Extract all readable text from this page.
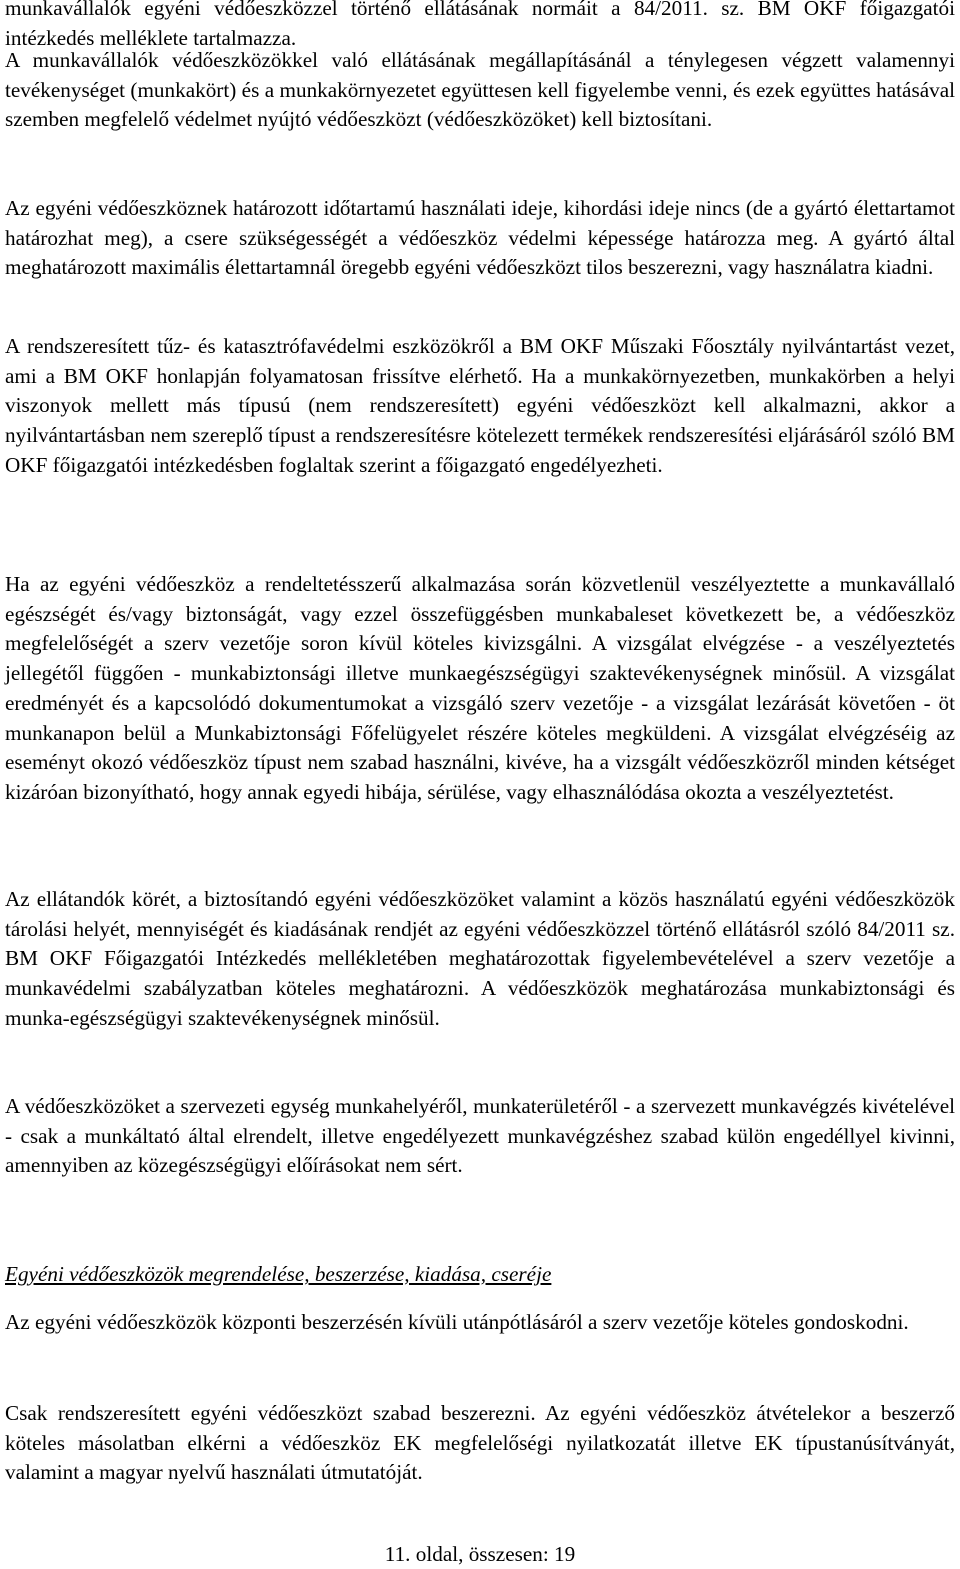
munkavállalók egyéni védőeszközzel történő ellátásának normáit a 84/2011. sz. BM OKF főigazgatói intézkedés melléklete tartalmazza.

A munkavállalók védőeszközökkel való ellátásának megállapításánál a ténylegesen végzett valamennyi tevékenységet (munkakört) és a munkakörnyezetet együttesen kell figyelembe venni, és ezek együttes hatásával szemben megfelelő védelmet nyújtó védőeszközt (védőeszközöket) kell biztosítani.

Az egyéni védőeszköznek határozott időtartamú használati ideje, kihordási ideje nincs (de a gyártó élettartamot határozhat meg), a csere szükségességét a védőeszköz védelmi képessége határozza meg. A gyártó által meghatározott maximális élettartamnál öregebb egyéni védőeszközt tilos beszerezni, vagy használatra kiadni.

A rendszeresített tűz- és katasztrófavédelmi eszközökről a BM OKF Műszaki Főosztály nyilvántartást vezet, ami a BM OKF honlapján folyamatosan frissítve elérhető. Ha a munkakörnyezetben, munkakörben a helyi viszonyok mellett más típusú (nem rendszeresített) egyéni védőeszközt kell alkalmazni, akkor a nyilvántartásban nem szereplő típust a rendszeresítésre kötelezett termékek rendszeresítési eljárásáról szóló BM OKF főigazgatói intézkedésben foglaltak szerint a főigazgató engedélyezheti.

Ha az egyéni védőeszköz a rendeltetésszerű alkalmazása során közvetlenül veszélyeztette a munkavállaló egészségét és/vagy biztonságát, vagy ezzel összefüggésben munkabaleset következett be, a védőeszköz megfelelőségét a szerv vezetője soron kívül köteles kivizsgálni. A vizsgálat elvégzése - a veszélyeztetés jellegétől függően - munkabiztonsági illetve munkaegészségügyi szaktevékenységnek minősül. A vizsgálat eredményét és a kapcsolódó dokumentumokat a vizsgáló szerv vezetője - a vizsgálat lezárását követően - öt munkanapon belül a Munkabiztonsági Főfelügyelet részére köteles megküldeni. A vizsgálat elvégzéséig az eseményt okozó védőeszköz típust nem szabad használni, kivéve, ha a vizsgált védőeszközről minden kétséget kizáróan bizonyítható, hogy annak egyedi hibája, sérülése, vagy elhasználódása okozta a veszélyeztetést.

Az ellátandók körét, a biztosítandó egyéni védőeszközöket valamint a közös használatú egyéni védőeszközök tárolási helyét, mennyiségét és kiadásának rendjét az egyéni védőeszközzel történő ellátásról szóló 84/2011 sz. BM OKF Főigazgatói Intézkedés mellékletében meghatározottak figyelembevételével a szerv vezetője a munkavédelmi szabályzatban köteles meghatározni. A védőeszközök meghatározása munkabiztonsági és munka-egészségügyi szaktevékenységnek minősül.

A védőeszközöket a szervezeti egység munkahelyéről, munkaterületéről - a szervezett munkavégzés kivételével - csak a munkáltató által elrendelt, illetve engedélyezett munkavégzéshez szabad külön engedéllyel kivinni, amennyiben az közegészségügyi előírásokat nem sért.

Egyéni védőeszközök megrendelése, beszerzése, kiadása, cseréje

Az egyéni védőeszközök központi beszerzésén kívüli utánpótlásáról a szerv vezetője köteles gondoskodni.

Csak rendszeresített egyéni védőeszközt szabad beszerezni. Az egyéni védőeszköz átvételekor a beszerző köteles másolatban elkérni a védőeszköz EK megfelelőségi nyilatkozatát illetve EK típustanúsítványát, valamint a magyar nyelvű használati útmutatóját.

11. oldal, összesen: 19
